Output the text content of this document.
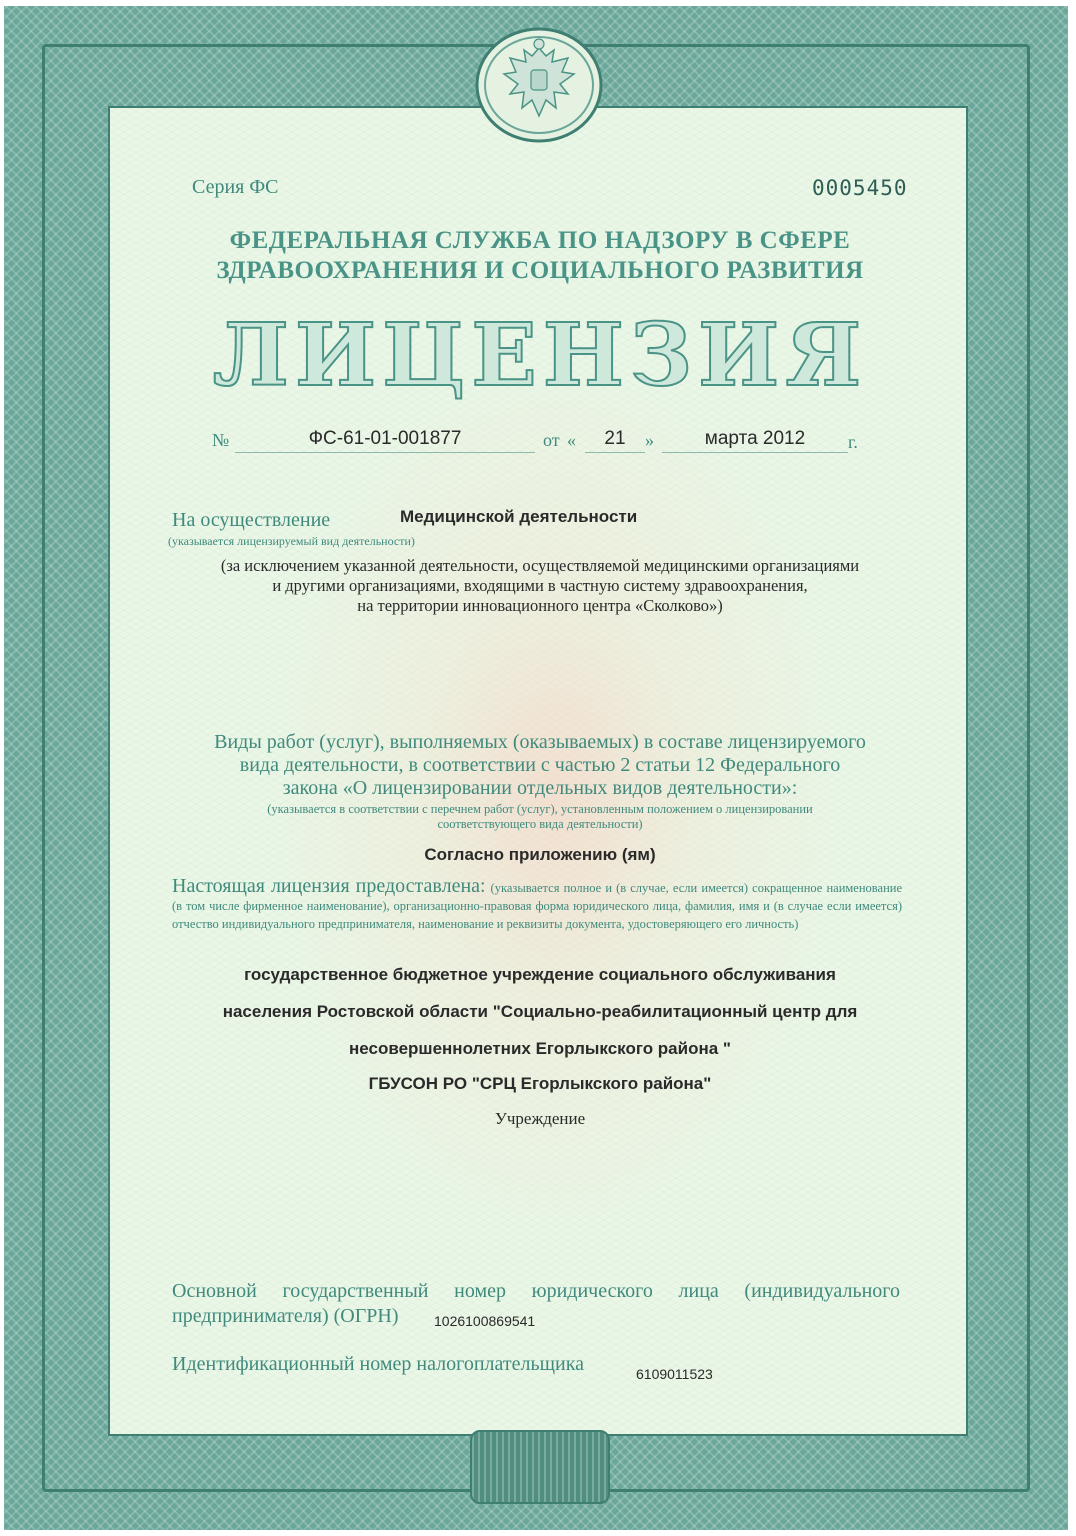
Серия ФС	0005450
ФЕДЕРАЛЬНАЯ СЛУЖБА ПО НАДЗОРУ В СФЕРЕ
ЗДРАВООХРАНЕНИЯ И СОЦИАЛЬНОГО РАЗВИТИЯ
ЛИЦЕНЗИЯ
№	ФС-61-01-001877	от «	21	»	марта 2012	г.
На осуществление	Медицинской деятельности
(указывается лицензируемый вид деятельности)
(за исключением указанной деятельности, осуществляемой медицинскими организациями
и другими организациями, входящими в частную систему здравоохранения,
на территории инновационного центра «Сколково»)
Виды работ (услуг), выполняемых (оказываемых) в составе лицензируемого
вида деятельности, в соответствии с частью 2 статьи 12 Федерального
закона «О лицензировании отдельных видов деятельности»:
(указывается в соответствии с перечнем работ (услуг), установленным положением о лицензировании
соответствующего вида деятельности)
Согласно приложению (ям)
Настоящая лицензия предоставлена: (указывается полное и (в случае, если имеется) сокращенное наименование (в том числе фирменное наименование), организационно-правовая форма юридического лица, фамилия, имя и (в случае если имеется) отчество индивидуального предпринимателя, наименование и реквизиты документа, удостоверяющего его личность)
государственное бюджетное учреждение социального обслуживания
населения Ростовской области "Социально-реабилитационный центр для
несовершеннолетних Егорлыкского района "
ГБУСОН РО "СРЦ Егорлыкского района"
Учреждение
Основной государственный номер юридического лица (индивидуального предпринимателя) (ОГРН)	1026100869541
Идентификационный номер налогоплательщика	6109011523
